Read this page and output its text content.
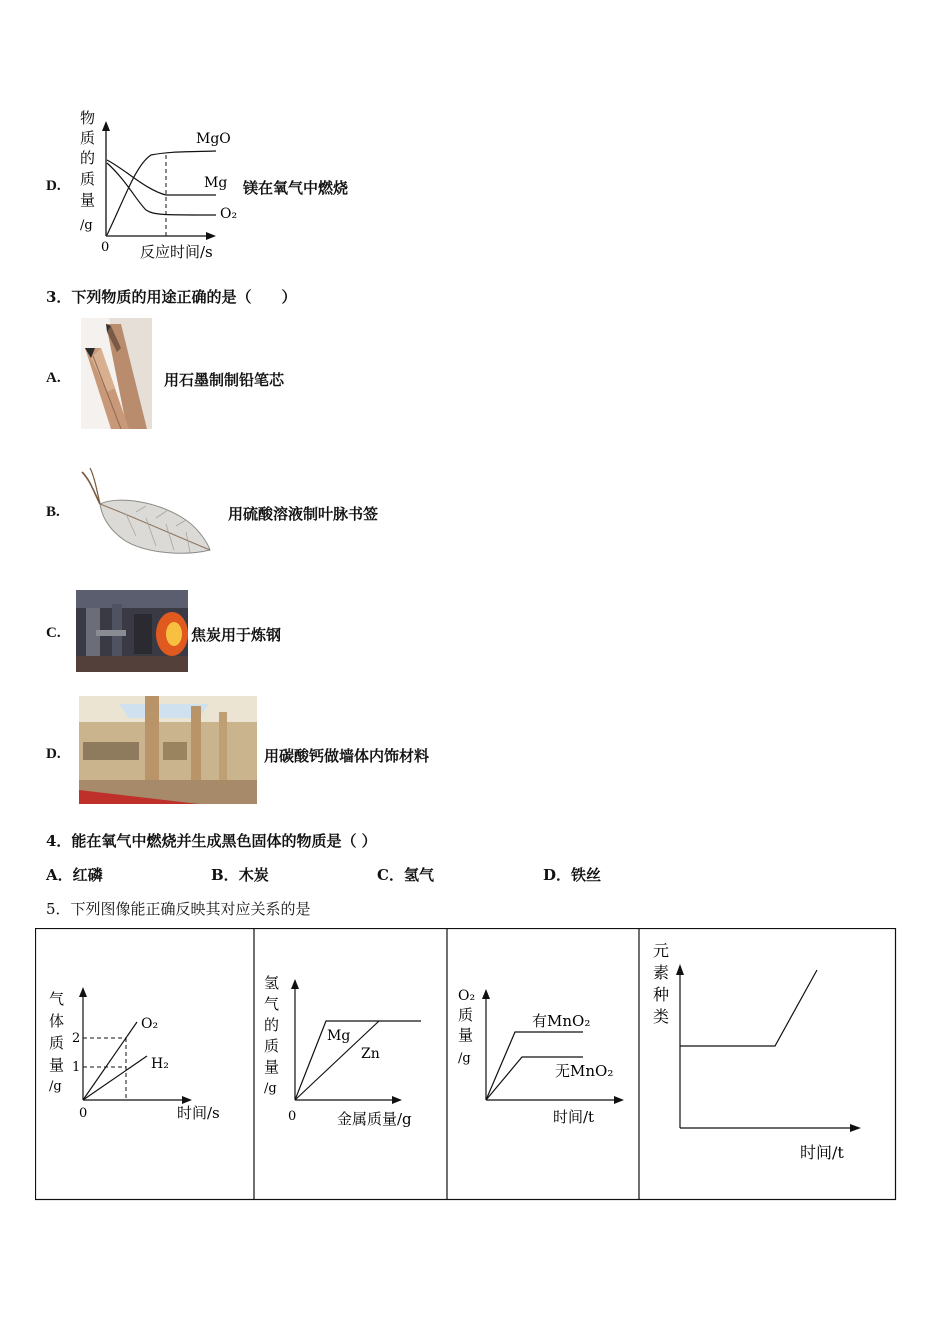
D.
物
质
的
质
量
/g
0 反应时间/s
MgO
Mg
O₂
镁在氧气中燃烧
3．下列物质的用途正确的是（　　）
A.	用石墨制制铅笔芯
B.	用硫酸溶液制叶脉书签
C.	焦炭用于炼钢
D.	用碳酸钙做墙体内饰材料
4．能在氧气中燃烧并生成黑色固体的物质是（ ）
A．红磷	B．木炭	C．氢气	D．铁丝
5．下列图像能正确反映其对应关系的是
气
体
质
量
/g
0	时间/s
2
1
O₂
H₂
氢
气
的
质
量
/g
0	金属质量/g
Mg
Zn
O₂
质
量
/g
时间/t
有MnO₂
无MnO₂
元
素
种
类
时间/t
